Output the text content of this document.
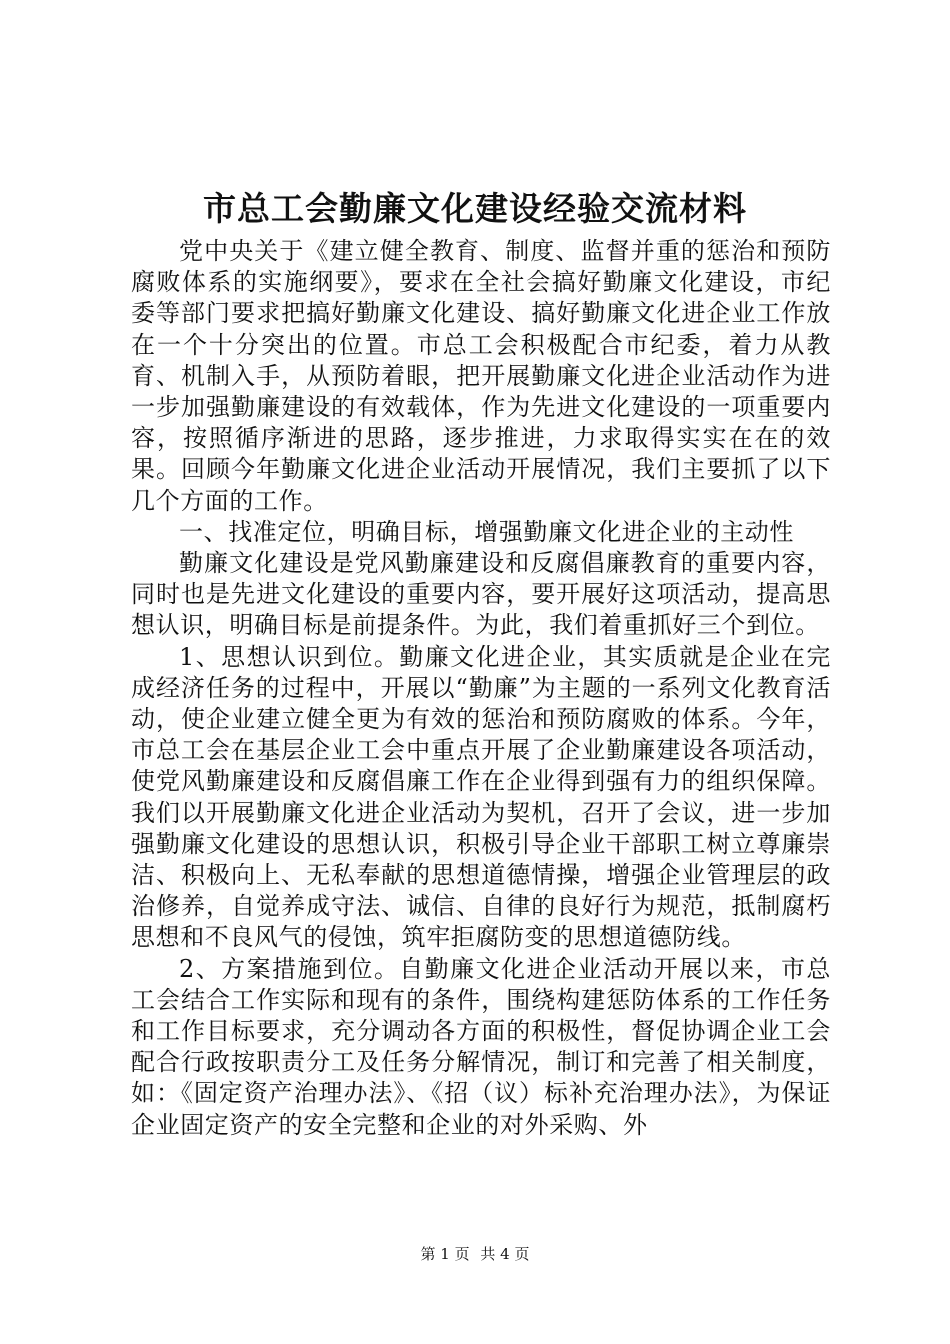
市总工会勤廉文化建设经验交流材料

党中央关于《建立健全教育、制度、监督并重的惩治和预防腐败体系的实施纲要》，要求在全社会搞好勤廉文化建设，市纪委等部门要求把搞好勤廉文化建设、搞好勤廉文化进企业工作放在一个十分突出的位置。市总工会积极配合市纪委，着力从教育、机制入手，从预防着眼，把开展勤廉文化进企业活动作为进一步加强勤廉建设的有效载体，作为先进文化建设的一项重要内容，按照循序渐进的思路，逐步推进，力求取得实实在在的效果。回顾今年勤廉文化进企业活动开展情况，我们主要抓了以下几个方面的工作。

一、找准定位，明确目标，增强勤廉文化进企业的主动性

勤廉文化建设是党风勤廉建设和反腐倡廉教育的重要内容，同时也是先进文化建设的重要内容，要开展好这项活动，提高思想认识，明确目标是前提条件。为此，我们着重抓好三个到位。

1、思想认识到位。勤廉文化进企业，其实质就是企业在完成经济任务的过程中，开展以“勤廉”为主题的一系列文化教育活动，使企业建立健全更为有效的惩治和预防腐败的体系。今年，市总工会在基层企业工会中重点开展了企业勤廉建设各项活动，使党风勤廉建设和反腐倡廉工作在企业得到强有力的组织保障。我们以开展勤廉文化进企业活动为契机，召开了会议，进一步加强勤廉文化建设的思想认识，积极引导企业干部职工树立尊廉崇洁、积极向上、无私奉献的思想道德情操，增强企业管理层的政治修养，自觉养成守法、诚信、自律的良好行为规范，抵制腐朽思想和不良风气的侵蚀，筑牢拒腐防变的思想道德防线。

2、方案措施到位。自勤廉文化进企业活动开展以来，市总工会结合工作实际和现有的条件，围绕构建惩防体系的工作任务和工作目标要求，充分调动各方面的积极性，督促协调企业工会配合行政按职责分工及任务分解情况，制订和完善了相关制度，如：《固定资产治理办法》、《招（议）标补充治理办法》，为保证企业固定资产的安全完整和企业的对外采购、外

第 1 页 共 4 页
